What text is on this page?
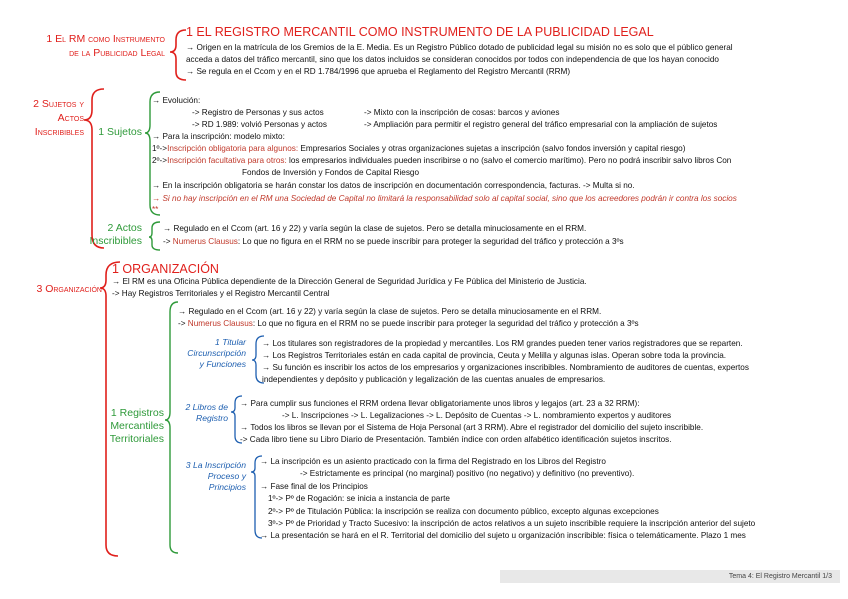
1 El RM como Instrumento
de la Publicidad Legal
1 EL REGISTRO MERCANTIL COMO INSTRUMENTO DE LA PUBLICIDAD LEGAL
→ Origen en la matrícula de los Gremios de la E. Media. Es un Registro Público dotado de publicidad legal su misión no es solo que el público general
acceda a datos del tráfico mercantil, sino que los datos incluidos se consideran conocidos por todos con independencia de que los hayan conocido
→ Se regula en el Ccom y en el RD 1.784/1996 que aprueba el Reglamento del Registro Mercantil (RRM)
2 Sujetos y
Actos
Inscribibles 1 Sujetos
→ Evolución:
-> Registro de Personas y sus actos	-> Mixto con la inscripción de cosas: barcos y aviones
-> RD 1.989: volvió Personas y actos	-> Ampliación para permitir el registro general del tráfico empresarial con la ampliación de sujetos
→ Para la inscripción: modelo mixto:
1º->Inscripción obligatoria para algunos: Empresarios Sociales y otras organizaciones sujetas a inscripción (salvo fondos inversión y capital riesgo)
2º->Inscripción facultativa para otros: los empresarios individuales pueden inscribirse o no (salvo el comercio marítimo). Pero no podrá inscribir salvo libros Con
Fondos de Inversión y Fondos de Capital Riesgo
→ En la inscripción obligatoria se harán constar los datos de inscripción en documentación correspondencia, facturas. -> Multa si no.
→ Si no hay inscripción en el RM una Sociedad de Capital no limitará la responsabilidad solo al capital social, sino que los acreedores podrán ir contra los socios
**
2 Actos
Inscribibles
→ Regulado en el Ccom (art. 16 y 22) y varía según la clase de sujetos. Pero se detalla minuciosamente en el RRM.
-> Numerus Clausus: Lo que no figura en el RRM no se puede inscribir para proteger la seguridad del tráfico y protección a 3ºs
3 Organización
1 ORGANIZACIÓN
→ El RM es una Oficina Pública dependiente de la Dirección General de Seguridad Jurídica y Fe Pública del Ministerio de Justicia.
-> Hay Registros Territoriales y el Registro Mercantil Central
1 Registros
Mercantiles
Territoriales
→ Regulado en el Ccom (art. 16 y 22) y varía según la clase de sujetos. Pero se detalla minuciosamente en el RRM.
-> Numerus Clausus: Lo que no figura en el RRM no se puede inscribir para proteger la seguridad del tráfico y protección a 3ºs
1 Titular
Circunscripción
y Funciones
→ Los titulares son registradores de la propiedad y mercantiles. Los RM grandes pueden tener varios registradores que se reparten.
→ Los Registros Territoriales están en cada capital de provincia, Ceuta y Melilla y algunas islas. Operan sobre toda la provincia.
→ Su función es inscribir los actos de los empresarios y organizaciones inscribibles. Nombramiento de auditores de cuentas, expertos
independientes y depósito y publicación y legalización de las cuentas anuales de empresarios.
2 Libros de
Registro
→ Para cumplir sus funciones el RRM ordena llevar obligatoriamente unos libros y legajos (art. 23 a 32 RRM):
-> L. Inscripciones -> L. Legalizaciones -> L. Depósito de Cuentas -> L. nombramiento expertos y auditores
→ Todos los libros se llevan por el Sistema de Hoja Personal (art 3 RRM). Abre el registrador del domicilio del sujeto inscribible.
-> Cada libro tiene su Libro Diario de Presentación. También índice con orden alfabético identificación sujetos inscritos.
3 La Inscripción
Proceso y
Principios
→ La inscripción es un asiento practicado con la firma del Registrado en los Libros del Registro
-> Estrictamente es principal (no marginal) positivo (no negativo) y definitivo (no preventivo).
→ Fase final de los Principios
1º-> Pº de Rogación: se inicia a instancia de parte
2º-> Pº de Titulación Pública: la inscripción se realiza con documento público, excepto algunas excepciones
3º-> Pº de Prioridad y Tracto Sucesivo: la inscripción de actos relativos a un sujeto inscribible requiere la inscripción anterior del sujeto
→ La presentación se hará en el R. Territorial del domicilio del sujeto u organización inscribible: física o telemáticamente. Plazo 1 mes
Tema 4: El Registro Mercantil 1/3
